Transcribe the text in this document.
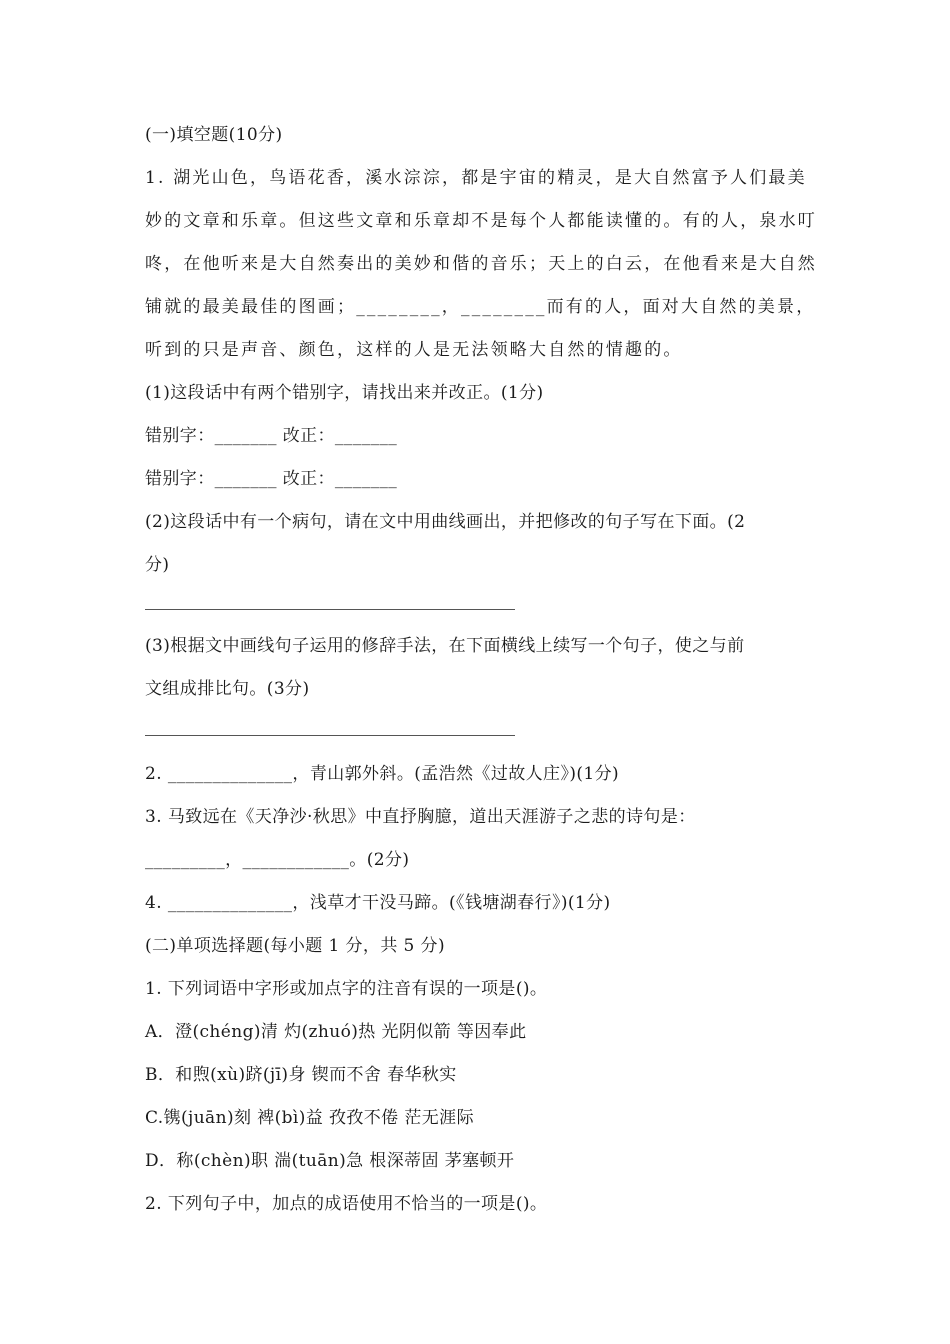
(一)填空题(10分)
1. 湖光山色，鸟语花香，溪水淙淙，都是宇宙的精灵，是大自然富予人们最美
妙的文章和乐章。但这些文章和乐章却不是每个人都能读懂的。有的人，泉水叮
咚，在他听来是大自然奏出的美妙和偕的音乐；天上的白云，在他看来是大自然
铺就的最美最佳的图画；________，________而有的人，面对大自然的美景，
听到的只是声音、颜色，这样的人是无法领略大自然的情趣的。
(1)这段话中有两个错别字，请找出来并改正。(1分)
错别字：_______ 改正：_______
错别字：_______ 改正：_______
(2)这段话中有一个病句，请在文中用曲线画出，并把修改的句子写在下面。(2
分)
(3)根据文中画线句子运用的修辞手法，在下面横线上续写一个句子，使之与前
文组成排比句。(3分)
2. ______________，青山郭外斜。(孟浩然《过故人庄》)(1分)
3. 马致远在《天净沙·秋思》中直抒胸臆，道出天涯游子之悲的诗句是：
_________，____________。(2分)
4. ______________，浅草才干没马蹄。(《钱塘湖春行》)(1分)
(二)单项选择题(每小题 1 分，共 5 分)
1. 下列词语中字形或加点字的注音有误的一项是()。
A．澄(chéng)清 灼(zhuó)热 光阴似箭 等因奉此
B．和煦(xù)跻(jī)身 锲而不舍 春华秋实
C.镌(juān)刻 裨(bì)益 孜孜不倦 茫无涯际
D．称(chèn)职 湍(tuān)急 根深蒂固 茅塞顿开
2. 下列句子中，加点的成语使用不恰当的一项是()。
